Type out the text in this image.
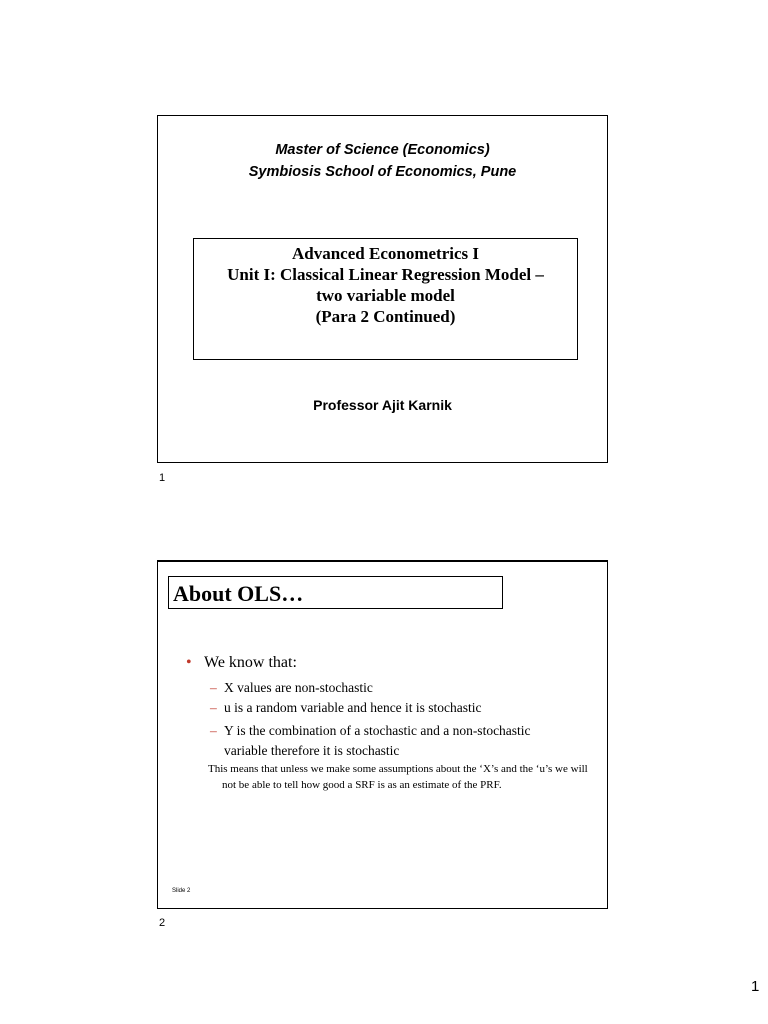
Master of Science (Economics)
Symbiosis School of Economics, Pune
Advanced Econometrics I
Unit I: Classical Linear Regression Model –
two variable model
(Para 2 Continued)
Professor Ajit Karnik
1
About OLS…
• We know that:
– X values are non-stochastic
– u is a random variable and hence it is stochastic
– Y is the combination of a stochastic and a non-stochastic
variable therefore it is stochastic
This means that unless we make some assumptions about the ‘X’s and the ‘u’s we will not be able to tell how good a SRF is as an estimate of the PRF.
Slide 2
2
1
